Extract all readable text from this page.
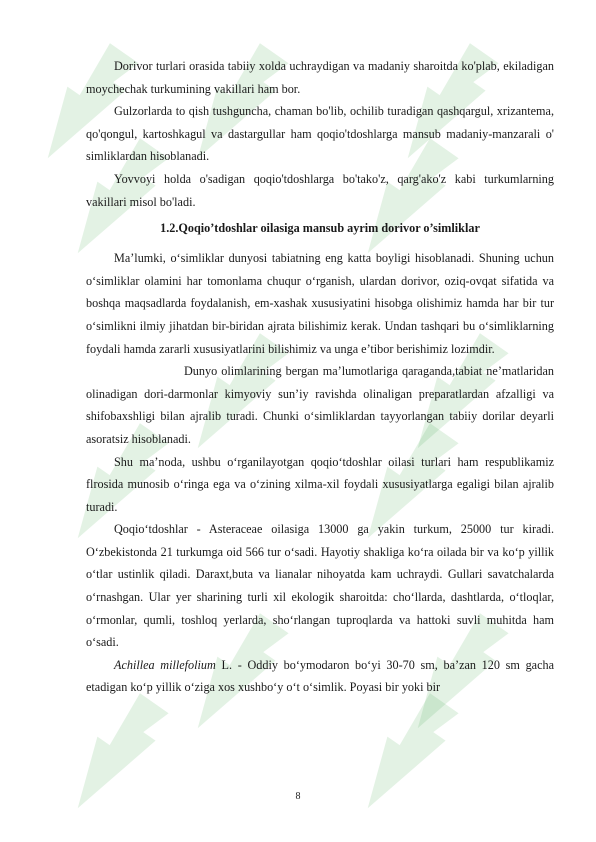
Dorivor turlari orasida tabiiy xolda uchraydigan va madaniy sharoitda ko'plab, ekiladigan moychechak turkumining vakillari ham bor.

Gulzorlarda to qish tushguncha, chaman bo'lib, ochilib turadigan qashqargul, xrizantema, qo'qongul, kartoshkagul va dastargullar ham qoqio'tdoshlarga mansub madaniy-manzarali o' simliklardan hisoblanadi.

Yovvoyi holda o'sadigan qoqio'tdoshlarga bo'tako'z, qarg'ako'z kabi turkumlarning vakillari misol bo'ladi.

1.2.Qoqio’tdoshlar oilasiga mansub ayrim dorivor o’simliklar

Ma’lumki, o‘simliklar dunyosi tabiatning eng katta boyligi hisoblanadi. Shuning uchun o‘simliklar olamini har tomonlama chuqur o‘rganish, ulardan dorivor, oziq-ovqat sifatida va boshqa maqsadlarda foydalanish, em-xashak xususiyatini hisobga olishimiz hamda har bir tur o‘simlikni ilmiy jihatdan bir-biridan ajrata bilishimiz kerak. Undan tashqari bu o‘simliklarning foydali hamda zararli xususiyatlarini bilishimiz va unga e’tibor berishimiz lozimdir.

Dunyo olimlarining bergan ma’lumotlariga qaraganda,tabiat ne’matlaridan olinadigan dori-darmonlar kimyoviy sun’iy ravishda olinaligan preparatlardan afzalligi va shifobaxshligi bilan ajralib turadi. Chunki o‘simliklardan tayyorlangan tabiiy dorilar deyarli asoratsiz hisoblanadi.

Shu ma’noda, ushbu o‘rganilayotgan qoqio‘tdoshlar oilasi turlari ham respublikamiz flrosida munosib o‘ringa ega va o‘zining xilma-xil foydali xususiyatlarga egaligi bilan ajralib turadi.

Qoqio‘tdoshlar - Asteraceae oilasiga 13000 ga yakin turkum, 25000 tur kiradi. O‘zbekistonda 21 turkumga oid 566 tur o‘sadi. Hayotiy shakliga ko‘ra oilada bir va ko‘p yillik o‘tlar ustinlik qiladi. Daraxt,buta va lianalar nihoyatda kam uchraydi. Gullari savatchalarda o‘rnashgan. Ular yer sharining turli xil ekologik sharoitda: cho‘llarda, dashtlarda, o‘tloqlar, o‘rmonlar, qumli, toshloq yerlarda, sho‘rlangan tuproqlarda va hattoki suvli muhitda ham o‘sadi.

Achillea millefolium L. - Oddiy bo‘ymodaron bo‘yi 30-70 sm, ba’zan 120 sm gacha etadigan ko‘p yillik o‘ziga xos xushbo‘y o‘t o‘simlik. Poyasi bir yoki bir

8
